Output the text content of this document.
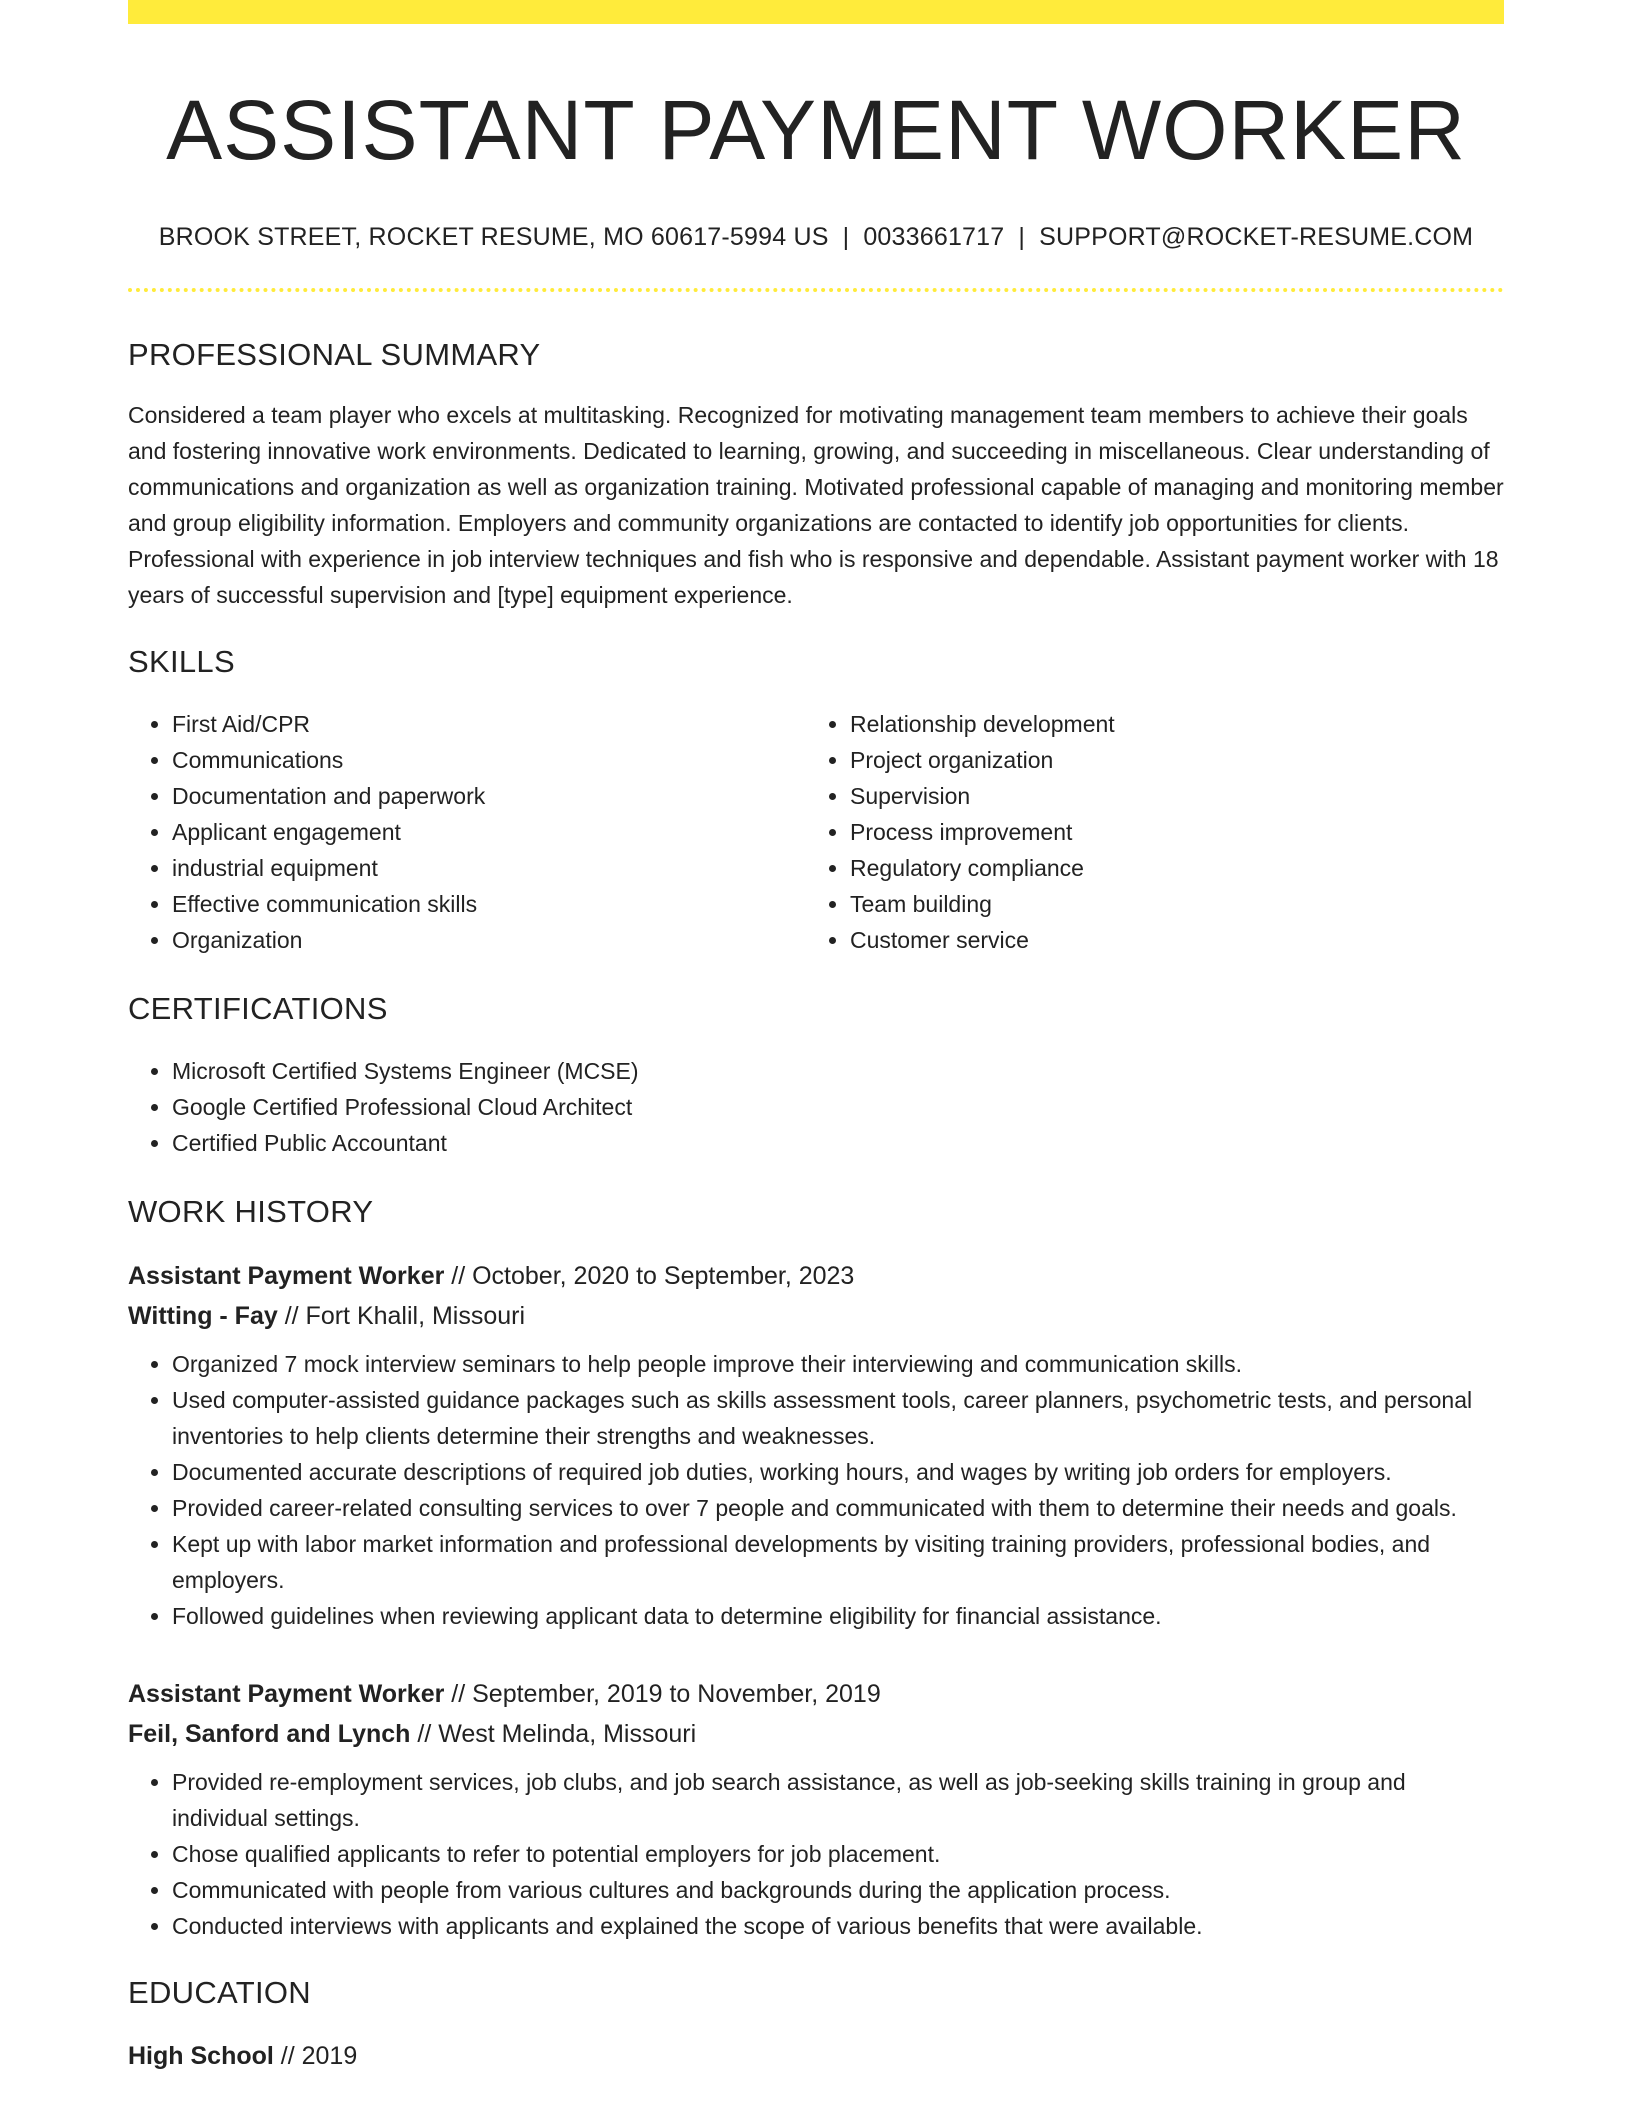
ASSISTANT PAYMENT WORKER
BROOK STREET, ROCKET RESUME, MO 60617-5994 US | 0033661717 | SUPPORT@ROCKET-RESUME.COM
PROFESSIONAL SUMMARY

Considered a team player who excels at multitasking. Recognized for motivating management team members to achieve their goals and fostering innovative work environments. Dedicated to learning, growing, and succeeding in miscellaneous. Clear understanding of communications and organization as well as organization training. Motivated professional capable of managing and monitoring member and group eligibility information. Employers and community organizations are contacted to identify job opportunities for clients. Professional with experience in job interview techniques and fish who is responsive and dependable. Assistant payment worker with 18 years of successful supervision and [type] equipment experience.

SKILLS
• First Aid/CPR
• Communications
• Documentation and paperwork
• Applicant engagement
• industrial equipment
• Effective communication skills
• Organization
• Relationship development
• Project organization
• Supervision
• Process improvement
• Regulatory compliance
• Team building
• Customer service
CERTIFICATIONS
• Microsoft Certified Systems Engineer (MCSE)
• Google Certified Professional Cloud Architect
• Certified Public Accountant
WORK HISTORY
Assistant Payment Worker // October, 2020 to September, 2023
Witting - Fay // Fort Khalil, Missouri
• Organized 7 mock interview seminars to help people improve their interviewing and communication skills.
• Used computer-assisted guidance packages such as skills assessment tools, career planners, psychometric tests, and personal inventories to help clients determine their strengths and weaknesses.
• Documented accurate descriptions of required job duties, working hours, and wages by writing job orders for employers.
• Provided career-related consulting services to over 7 people and communicated with them to determine their needs and goals.
• Kept up with labor market information and professional developments by visiting training providers, professional bodies, and employers.
• Followed guidelines when reviewing applicant data to determine eligibility for financial assistance.
Assistant Payment Worker // September, 2019 to November, 2019
Feil, Sanford and Lynch // West Melinda, Missouri
• Provided re-employment services, job clubs, and job search assistance, as well as job-seeking skills training in group and individual settings.
• Chose qualified applicants to refer to potential employers for job placement.
• Communicated with people from various cultures and backgrounds during the application process.
• Conducted interviews with applicants and explained the scope of various benefits that were available.
EDUCATION
High School // 2019
